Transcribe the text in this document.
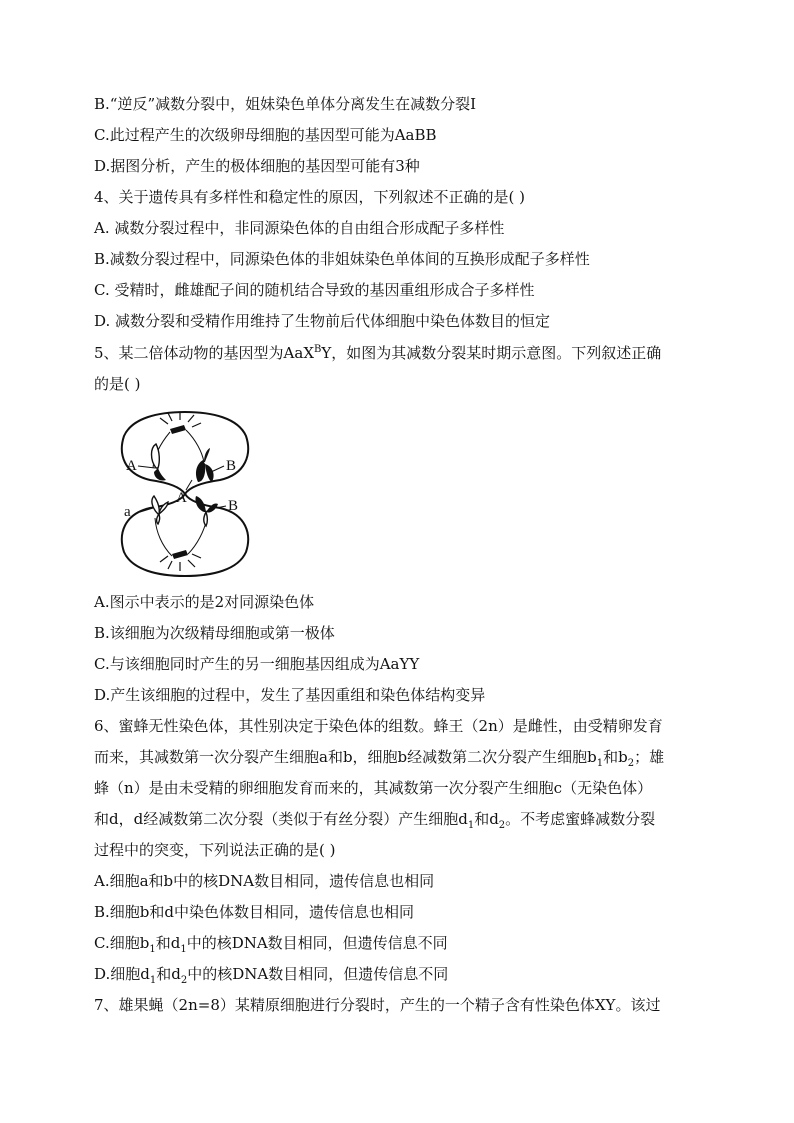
B.“逆反”减数分裂中，姐妹染色单体分离发生在减数分裂Ⅰ
C.此过程产生的次级卵母细胞的基因型可能为AaBB
D.据图分析，产生的极体细胞的基因型可能有3种
4、关于遗传具有多样性和稳定性的原因，下列叙述不正确的是( )
A. 减数分裂过程中，非同源染色体的自由组合形成配子多样性
B.减数分裂过程中，同源染色体的非姐妹染色单体间的互换形成配子多样性
C. 受精时，雌雄配子间的随机结合导致的基因重组形成合子多样性
D. 减数分裂和受精作用维持了生物前后代体细胞中染色体数目的恒定
5、某二倍体动物的基因型为AaX$^B$Y，如图为其减数分裂某时期示意图。下列叙述正确
的是( )
A	B
A
a	B
A.图示中表示的是2对同源染色体
B.该细胞为次级精母细胞或第一极体
C.与该细胞同时产生的另一细胞基因组成为AaYY
D.产生该细胞的过程中，发生了基因重组和染色体结构变异
6、蜜蜂无性染色体，其性别决定于染色体的组数。蜂王（2n）是雌性，由受精卵发育
而来，其减数第一次分裂产生细胞a和b，细胞b经减数第二次分裂产生细胞$b_1$和$b_2$；雄
蜂（n）是由未受精的卵细胞发育而来的，其减数第一次分裂产生细胞c（无染色体）
和d，d经减数第二次分裂（类似于有丝分裂）产生细胞$d_1$和$d_2$。不考虑蜜蜂减数分裂
过程中的突变，下列说法正确的是( )
A.细胞a和b中的核DNA数目相同，遗传信息也相同
B.细胞b和d中染色体数目相同，遗传信息也相同
C.细胞$b_1$和$d_1$中的核DNA数目相同，但遗传信息不同
D.细胞$d_1$和$d_2$中的核DNA数目相同，但遗传信息不同
7、雄果蝇（2n=8）某精原细胞进行分裂时，产生的一个精子含有性染色体XY。该过
